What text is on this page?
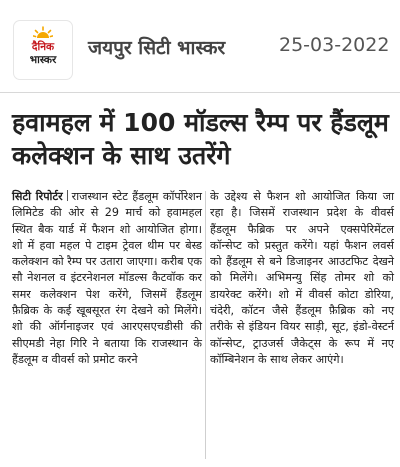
दैनिक
भास्कर
जयपुर सिटी भास्कर	25-03-2022
हवामहल में 100 मॉडल्स रैम्प पर हैंडलूम कलेक्शन के साथ उतरेंगे
सिटी रिपोर्टर राजस्थान स्टेट हैंडलूम कॉर्पोरेशन लिमिटेड की ओर से 29 मार्च को हवामहल स्थित बैक यार्ड में फैशन शो आयोजित होगा। शो में हवा महल पे टाइम ट्रेवल थीम पर बेस्ड कलेक्शन को रैम्प पर उतारा जाएगा। करीब एक सौ नेशनल व इंटरनेशनल मॉडल्स कैटवॉक कर समर कलेक्शन पेश करेंगे, जिसमें हैंडलूम फ़ैब्रिक के कई खूबसूरत रंग देखने को मिलेंगे। शो की ऑर्गनाइजर एवं आरएसएचडीसी की सीएमडी नेहा गिरि ने बताया कि राजस्थान के हैंडलूम व वीवर्स को प्रमोट करने
के उद्देश्य से फैशन शो आयोजित किया जा रहा है। जिसमें राजस्थान प्रदेश के वीवर्स हैंडलूम फैब्रिक पर अपने एक्सपेरिमेंटल कॉन्सेप्ट को प्रस्तुत करेंगे। यहां फैशन लवर्स को हैंडलूम से बने डिजाइनर आउटफिट देखने को मिलेंगे। अभिमन्यु सिंह तोमर शो को डायरेक्ट करेंगे। शो में वीवर्स कोटा डोरिया, चंदेरी, कॉटन जैसे हैंडलूम फ़ैब्रिक को नए तरीके से इंडियन वियर साड़ी, सूट, इंडो-वेस्टर्न कॉन्सेप्ट, ट्राउजर्स जैकेट्स के रूप में नए कॉम्बिनेशन के साथ लेकर आएंगे।
